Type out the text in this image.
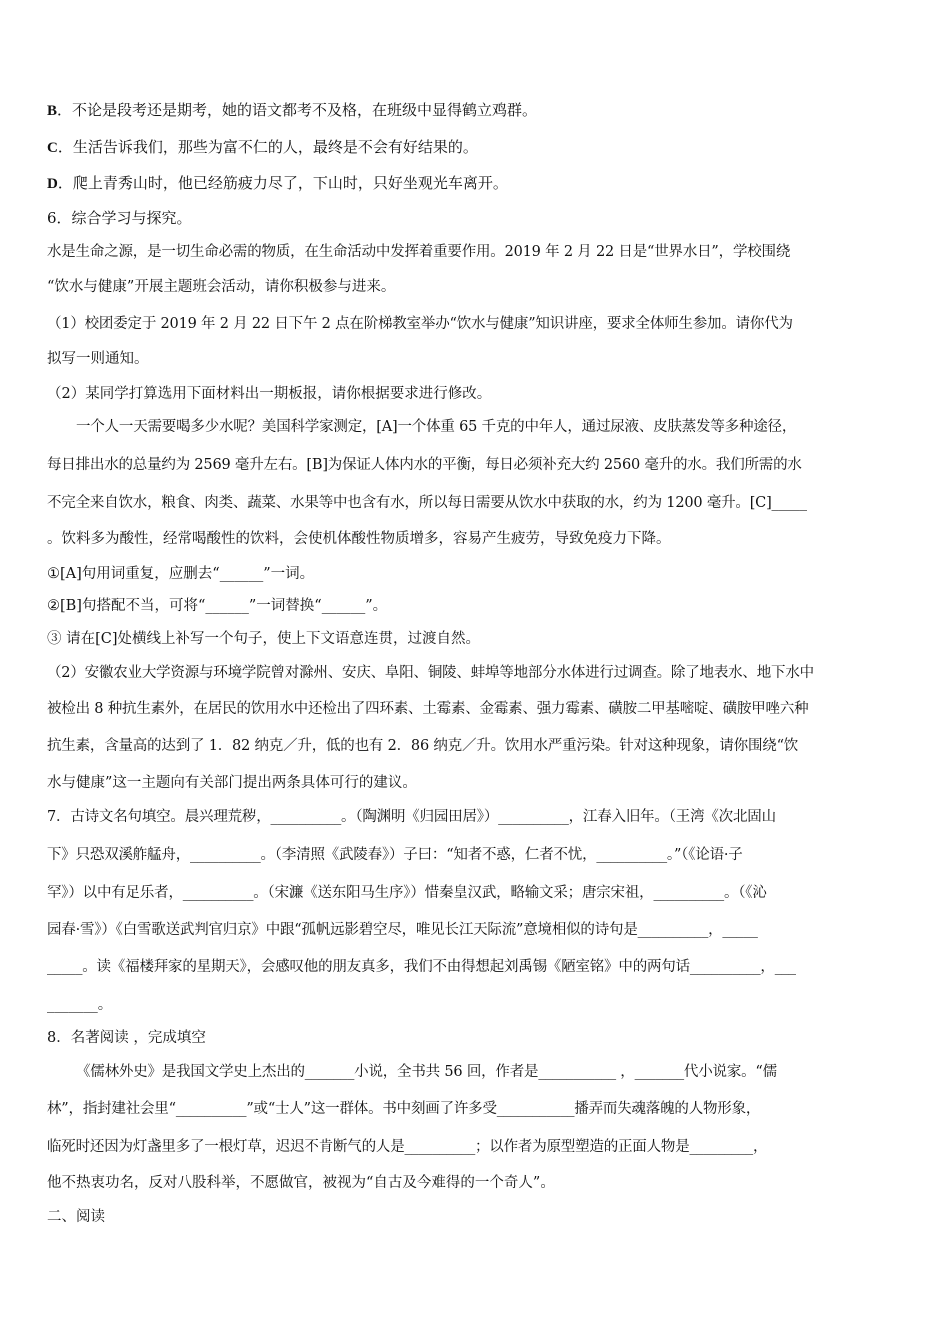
B．不论是段考还是期考，她的语文都考不及格，在班级中显得鹤立鸡群。
C．生活告诉我们，那些为富不仁的人，最终是不会有好结果的。
D．爬上青秀山时，他已经筋疲力尽了，下山时，只好坐观光车离开。
6．综合学习与探究。
水是生命之源，是一切生命必需的物质，在生命活动中发挥着重要作用。2019 年 2 月 22 日是“世界水日”，学校围绕
“饮水与健康”开展主题班会活动，请你积极参与进来。
（1）校团委定于 2019 年 2 月 22 日下午 2 点在阶梯教室举办“饮水与健康”知识讲座，要求全体师生参加。请你代为
拟写一则通知。
（2）某同学打算选用下面材料出一期板报，请你根据要求进行修改。
一个人一天需要喝多少水呢？美国科学家测定，[A]一个体重 65 千克的中年人，通过尿液、皮肤蒸发等多种途径，
每日排出水的总量约为 2569 毫升左右。[B]为保证人体内水的平衡，每日必须补充大约 2560 毫升的水。我们所需的水
不完全来自饮水，粮食、肉类、蔬菜、水果等中也含有水，所以每日需要从饮水中获取的水，约为 1200 毫升。[C]_____
。饮料多为酸性，经常喝酸性的饮料，会使机体酸性物质增多，容易产生疲劳，导致免疫力下降。
①[A]句用词重复，应删去“______”一词。
②[B]句搭配不当，可将“______”一词替换“______”。
③ 请在[C]处横线上补写一个句子，使上下文语意连贯，过渡自然。
（2）安徽农业大学资源与环境学院曾对滁州、安庆、阜阳、铜陵、蚌埠等地部分水体进行过调查。除了地表水、地下水中
被检出 8 种抗生素外，在居民的饮用水中还检出了四环素、土霉素、金霉素、强力霉素、磺胺二甲基嘧啶、磺胺甲唑六种
抗生素，含量高的达到了 1．82 纳克／升，低的也有 2．86 纳克／升。饮用水严重污染。针对这种现象，请你围绕“饮
水与健康”这一主题向有关部门提出两条具体可行的建议。
7．古诗文名句填空。晨兴理荒秽，__________。（陶渊明《归园田居》）__________，江春入旧年。（王湾《次北固山
下》只恐双溪舴艋舟，__________。（李清照《武陵春》）子曰：“知者不惑，仁者不忧，__________。”（《论语·子
罕》）以中有足乐者，__________。（宋濂《送东阳马生序》）惜秦皇汉武，略输文采；唐宗宋祖，__________。（《沁
园春·雪》）《白雪歌送武判官归京》中跟“孤帆远影碧空尽，唯见长江天际流”意境相似的诗句是__________，_____
_____。读《福楼拜家的星期天》，会感叹他的朋友真多，我们不由得想起刘禹锡《陋室铭》中的两句话__________，___
_______。
8．名著阅读 ，完成填空
《儒林外史》是我国文学史上杰出的_______小说，全书共 56 回，作者是___________ ，_______代小说家。“儒
林”，指封建社会里“__________”或“士人”这一群体。书中刻画了许多受___________播弄而失魂落魄的人物形象，
临死时还因为灯盏里多了一根灯草，迟迟不肯断气的人是__________；以作者为原型塑造的正面人物是_________，
他不热衷功名，反对八股科举，不愿做官，被视为“自古及今难得的一个奇人”。
二、阅读
